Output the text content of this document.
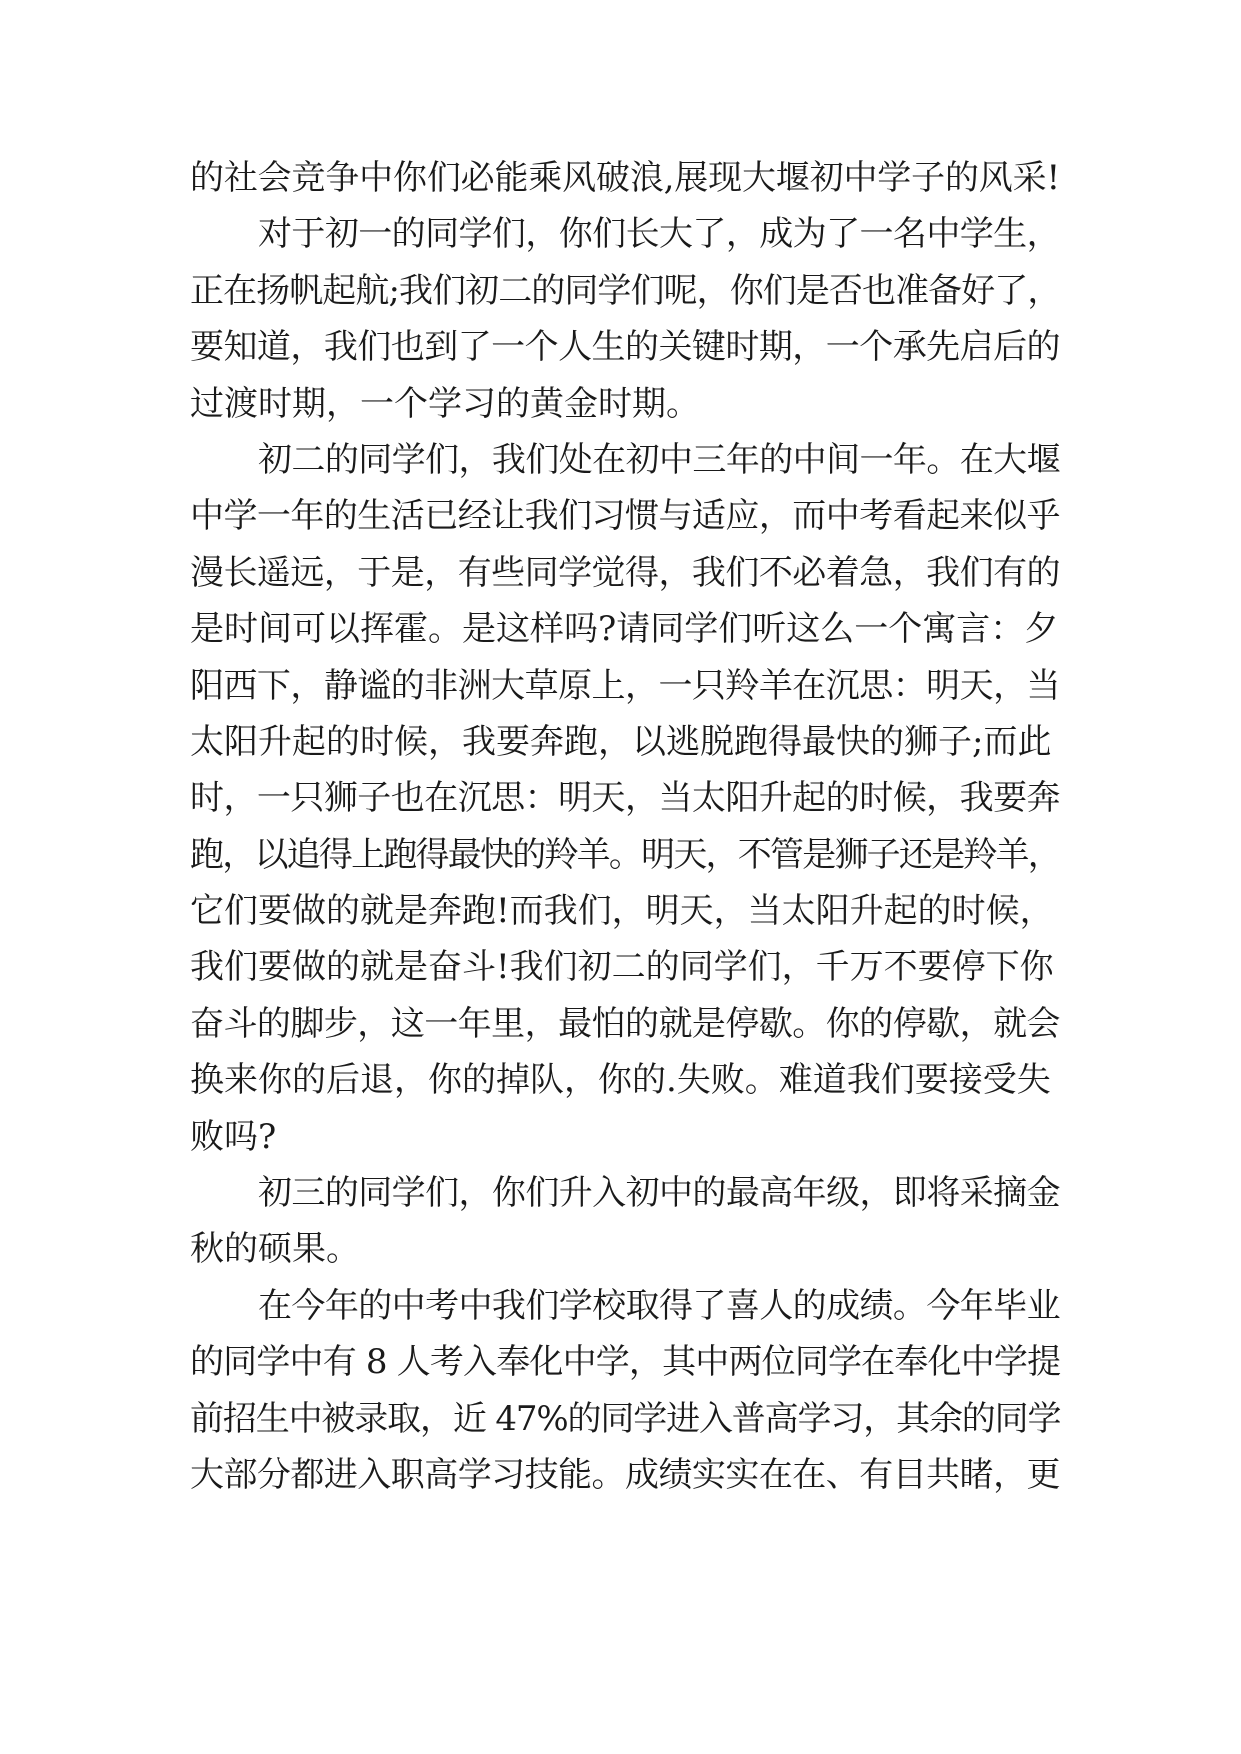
的社会竞争中你们必能乘风破浪,展现大堰初中学子的风采!
对于初一的同学们，你们长大了，成为了一名中学生，
正在扬帆起航;我们初二的同学们呢，你们是否也准备好了，
要知道，我们也到了一个人生的关键时期，一个承先启后的
过渡时期，一个学习的黄金时期。
初二的同学们，我们处在初中三年的中间一年。在大堰
中学一年的生活已经让我们习惯与适应，而中考看起来似乎
漫长遥远，于是，有些同学觉得，我们不必着急，我们有的
是时间可以挥霍。是这样吗?请同学们听这么一个寓言：夕
阳西下，静谧的非洲大草原上，一只羚羊在沉思：明天，当
太阳升起的时候，我要奔跑，以逃脱跑得最快的狮子;而此
时，一只狮子也在沉思：明天，当太阳升起的时候，我要奔
跑，以追得上跑得最快的羚羊。明天，不管是狮子还是羚羊，
它们要做的就是奔跑!而我们，明天，当太阳升起的时候，
我们要做的就是奋斗!我们初二的同学们，千万不要停下你
奋斗的脚步，这一年里，最怕的就是停歇。你的停歇，就会
换来你的后退，你的掉队，你的.失败。难道我们要接受失
败吗?
初三的同学们，你们升入初中的最高年级，即将采摘金
秋的硕果。
在今年的中考中我们学校取得了喜人的成绩。今年毕业
的同学中有 8 人考入奉化中学，其中两位同学在奉化中学提
前招生中被录取，近 47%的同学进入普高学习，其余的同学
大部分都进入职高学习技能。成绩实实在在、有目共睹，更
